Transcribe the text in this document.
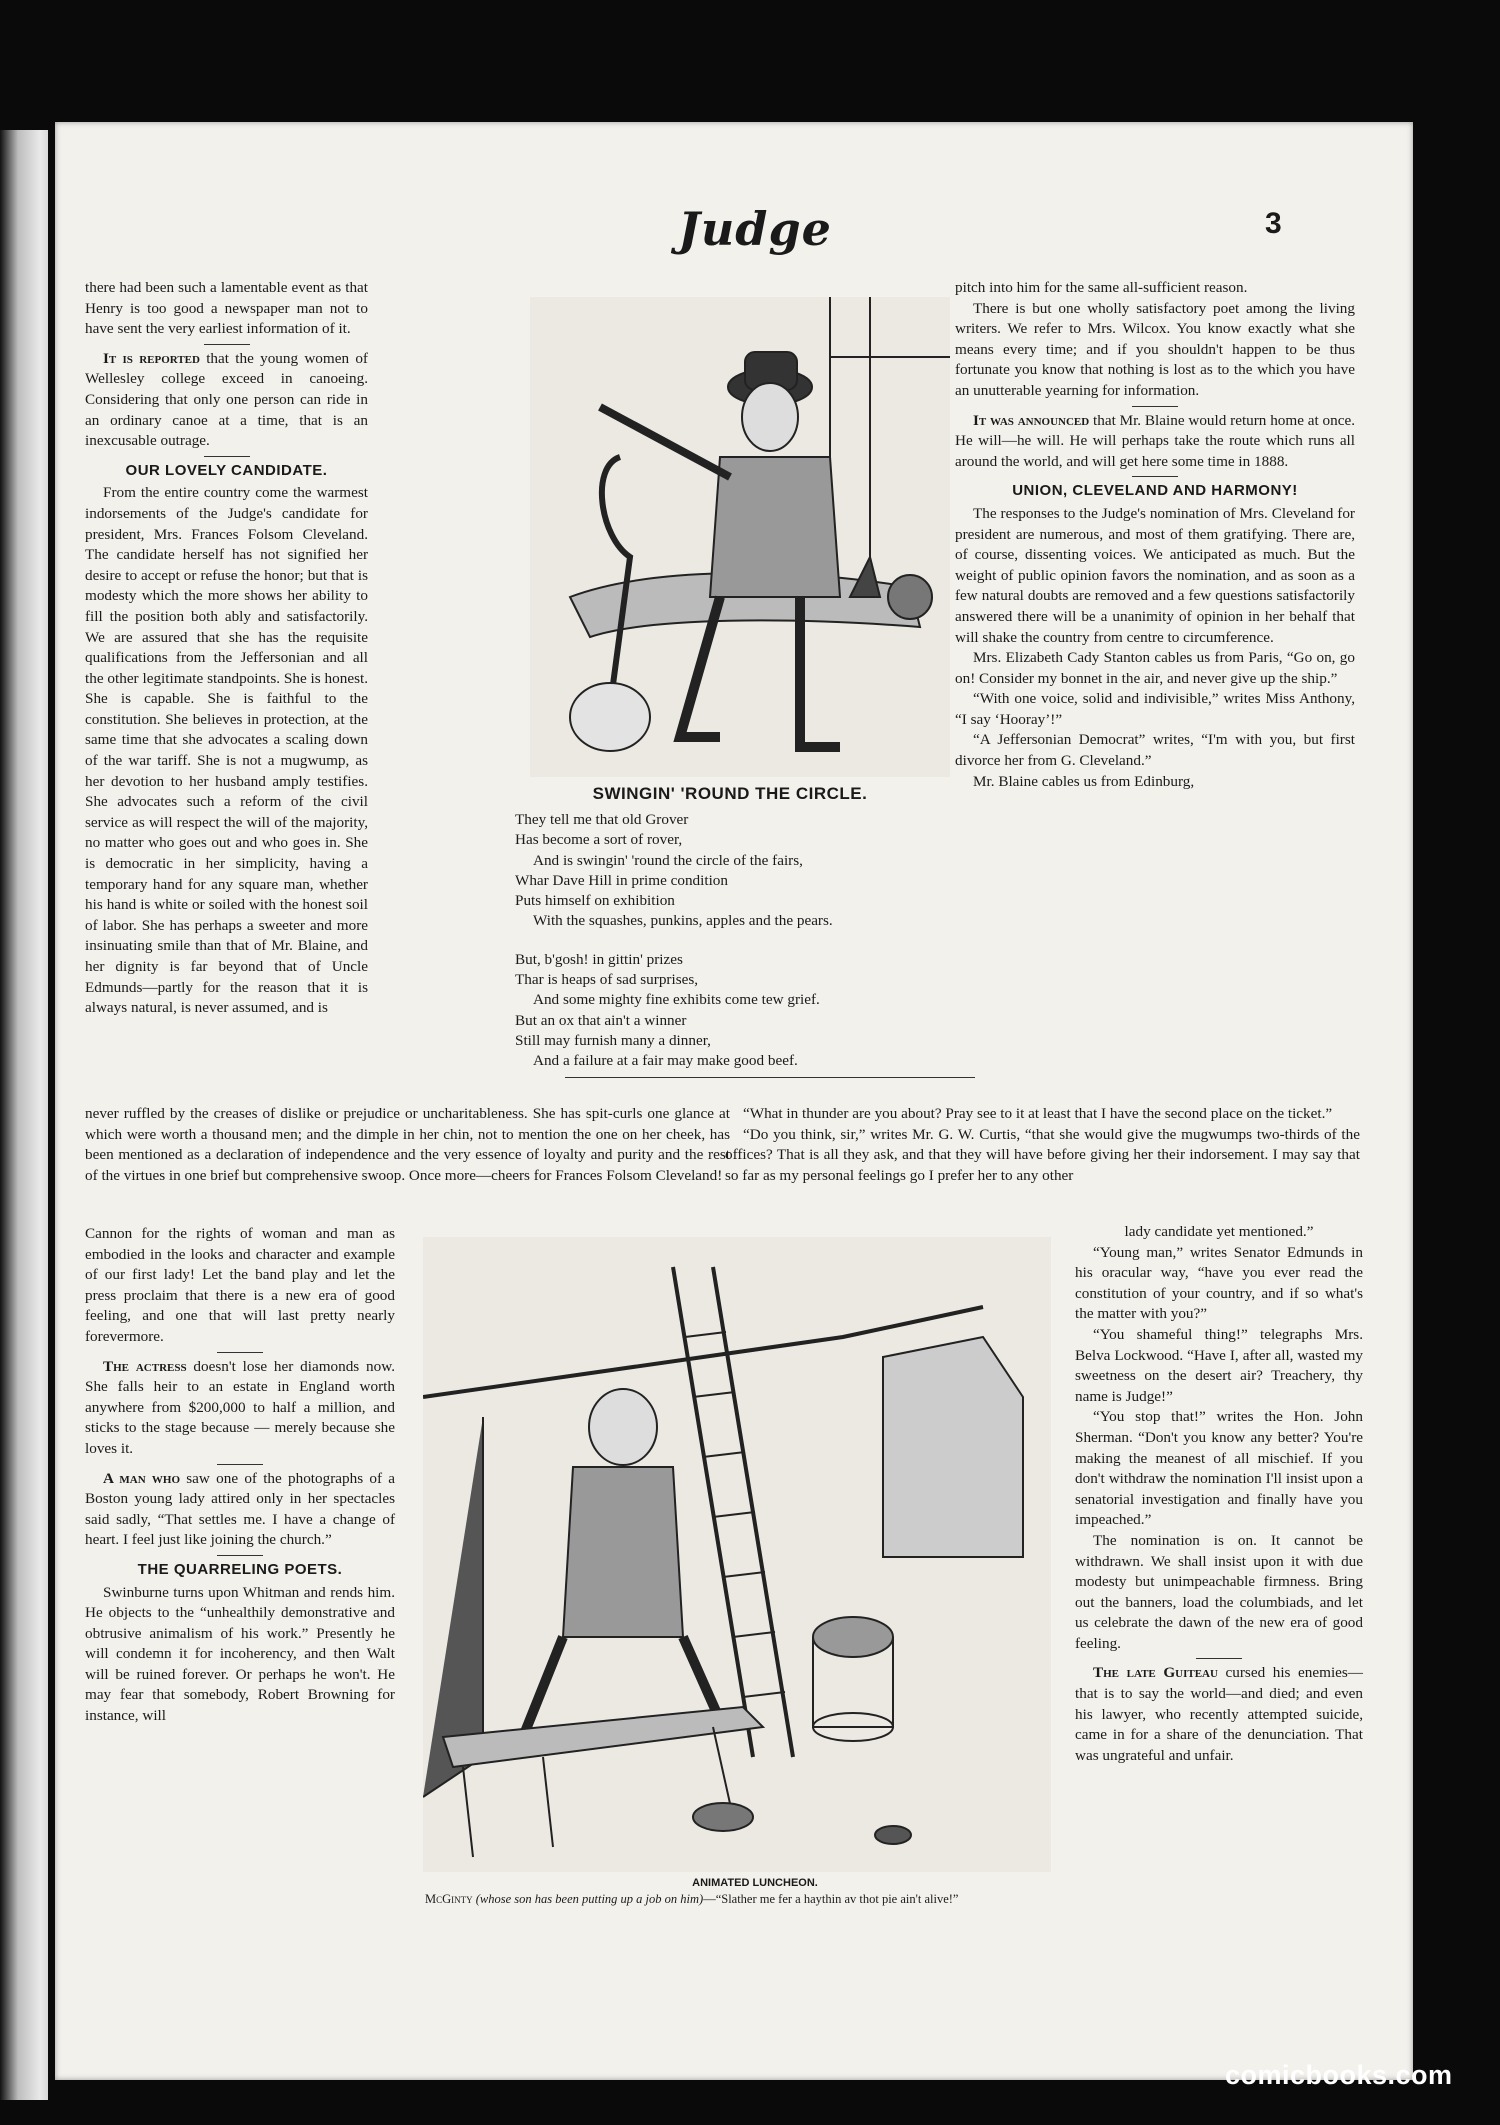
Judge	3

there had been such a lamentable event as that Henry is too good a newspaper man not to have sent the very earliest information of it.

It is reported that the young women of Wellesley college exceed in canoeing. Considering that only one person can ride in an ordinary canoe at a time, that is an inexcusable outrage.

OUR LOVELY CANDIDATE.

From the entire country come the warmest indorsements of the Judge's candidate for president, Mrs. Frances Folsom Cleveland. The candidate herself has not signified her desire to accept or refuse the honor; but that is modesty which the more shows her ability to fill the position both ably and satisfactorily. We are assured that she has the requisite qualifications from the Jeffersonian and all the other legitimate standpoints. She is honest. She is capable. She is faithful to the constitution. She believes in protection, at the same time that she advocates a scaling down of the war tariff. She is not a mugwump, as her devotion to her husband amply testifies. She advocates such a reform of the civil service as will respect the will of the majority, no matter who goes out and who goes in. She is democratic in her simplicity, having a temporary hand for any square man, whether his hand is white or soiled with the honest soil of labor. She has perhaps a sweeter and more insinuating smile than that of Mr. Blaine, and her dignity is far beyond that of Uncle Edmunds—partly for the reason that it is always natural, is never assumed, and is

SWINGIN' 'ROUND THE CIRCLE.
They tell me that old Grover
Has become a sort of rover,
And is swingin' 'round the circle of the fairs,
Whar Dave Hill in prime condition
Puts himself on exhibition
With the squashes, punkins, apples and the pears.
But, b'gosh! in gittin' prizes
Thar is heaps of sad surprises,
And some mighty fine exhibits come tew grief.
But an ox that ain't a winner
Still may furnish many a dinner,
And a failure at a fair may make good beef.

pitch into him for the same all-sufficient reason.

There is but one wholly satisfactory poet among the living writers. We refer to Mrs. Wilcox. You know exactly what she means every time; and if you shouldn't happen to be thus fortunate you know that nothing is lost as to the which you have an unutterable yearning for information.

It was announced that Mr. Blaine would return home at once. He will—he will. He will perhaps take the route which runs all around the world, and will get here some time in 1888.

UNION, CLEVELAND AND HARMONY!

The responses to the Judge's nomination of Mrs. Cleveland for president are numerous, and most of them gratifying. There are, of course, dissenting voices. We anticipated as much. But the weight of public opinion favors the nomination, and as soon as a few natural doubts are removed and a few questions satisfactorily answered there will be a unanimity of opinion in her behalf that will shake the country from centre to circumference.

Mrs. Elizabeth Cady Stanton cables us from Paris, “Go on, go on! Consider my bonnet in the air, and never give up the ship.”

“With one voice, solid and indivisible,” writes Miss Anthony, “I say ‘Hooray’!”

“A Jeffersonian Democrat” writes, “I'm with you, but first divorce her from G. Cleveland.”

Mr. Blaine cables us from Edinburg,

never ruffled by the creases of dislike or prejudice or uncharitableness. She has spit-curls one glance at which were worth a thousand men; and the dimple in her chin, not to mention the one on her cheek, has been mentioned as a declaration of independence and the very essence of loyalty and purity and the rest of the virtues in one brief but comprehensive swoop. Once more—cheers for Frances Folsom Cleveland!

“What in thunder are you about? Pray see to it at least that I have the second place on the ticket.”

“Do you think, sir,” writes Mr. G. W. Curtis, “that she would give the mugwumps two-thirds of the offices? That is all they ask, and that they will have before giving her their indorsement. I may say that so far as my personal feelings go I prefer her to any other

Cannon for the rights of woman and man as embodied in the looks and character and example of our first lady! Let the band play and let the press proclaim that there is a new era of good feeling, and one that will last pretty nearly forevermore.

The actress doesn't lose her diamonds now. She falls heir to an estate in England worth anywhere from $200,000 to half a million, and sticks to the stage because — merely because she loves it.

A man who saw one of the photographs of a Boston young lady attired only in her spectacles said sadly, “That settles me. I have a change of heart. I feel just like joining the church.”

THE QUARRELING POETS.

Swinburne turns upon Whitman and rends him. He objects to the “unhealthily demonstrative and obtrusive animalism of his work.” Presently he will condemn it for incoherency, and then Walt will be ruined forever. Or perhaps he won't. He may fear that somebody, Robert Browning for instance, will

ANIMATED LUNCHEON.
McGinty (whose son has been putting up a job on him)—“Slather me fer a haythin av thot pie ain't alive!”

lady candidate yet mentioned.”

“Young man,” writes Senator Edmunds in his oracular way, “have you ever read the constitution of your country, and if so what's the matter with you?”

“You shameful thing!” telegraphs Mrs. Belva Lockwood. “Have I, after all, wasted my sweetness on the desert air? Treachery, thy name is Judge!”

“You stop that!” writes the Hon. John Sherman. “Don't you know any better? You're making the meanest of all mischief. If you don't withdraw the nomination I'll insist upon a senatorial investigation and finally have you impeached.”

The nomination is on. It cannot be withdrawn. We shall insist upon it with due modesty but unimpeachable firmness. Bring out the banners, load the columbiads, and let us celebrate the dawn of the new era of good feeling.

The late Guiteau cursed his enemies—that is to say the world—and died; and even his lawyer, who recently attempted suicide, came in for a share of the denunciation. That was ungrateful and unfair.

comicbooks.com
